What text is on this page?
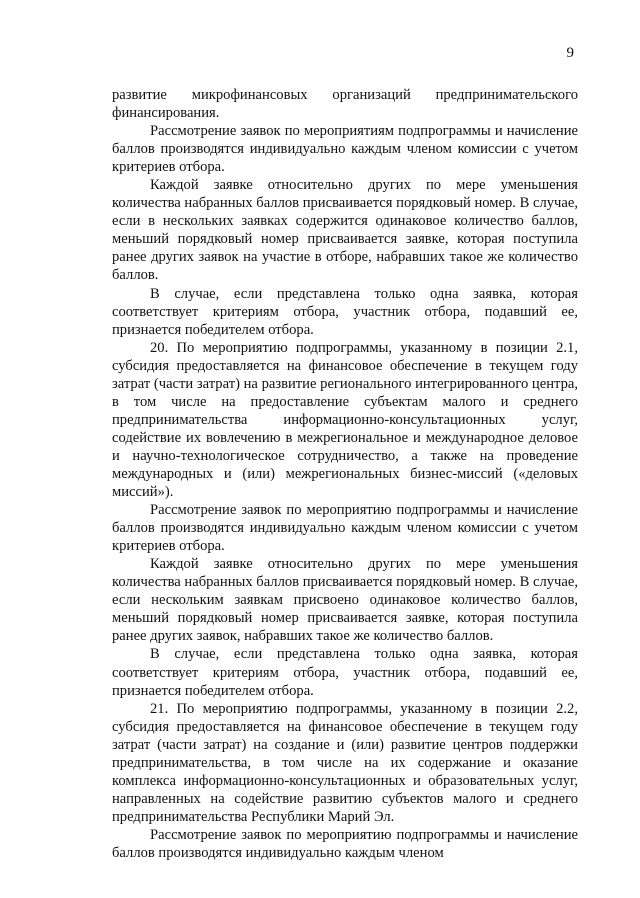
9

развитие микрофинансовых организаций предпринимательского финансирования.

Рассмотрение заявок по мероприятиям подпрограммы и начисление баллов производятся индивидуально каждым членом комиссии с учетом критериев отбора.

Каждой заявке относительно других по мере уменьшения количества набранных баллов присваивается порядковый номер. В случае, если в нескольких заявках содержится одинаковое количество баллов, меньший порядковый номер присваивается заявке, которая поступила ранее других заявок на участие в отборе, набравших такое же количество баллов.

В случае, если представлена только одна заявка, которая соответствует критериям отбора, участник отбора, подавший ее, признается победителем отбора.

20. По мероприятию подпрограммы, указанному в позиции 2.1, субсидия предоставляется на финансовое обеспечение в текущем году затрат (части затрат) на развитие регионального интегрированного центра, в том числе на предоставление субъектам малого и среднего предпринимательства информационно-консультационных услуг, содействие их вовлечению в межрегиональное и международное деловое и научно-технологическое сотрудничество, а также на проведение международных и (или) межрегиональных бизнес-миссий («деловых миссий»).

Рассмотрение заявок по мероприятию подпрограммы и начисление баллов производятся индивидуально каждым членом комиссии с учетом критериев отбора.

Каждой заявке относительно других по мере уменьшения количества набранных баллов присваивается порядковый номер. В случае, если нескольким заявкам присвоено одинаковое количество баллов, меньший порядковый номер присваивается заявке, которая поступила ранее других заявок, набравших такое же количество баллов.

В случае, если представлена только одна заявка, которая соответствует критериям отбора, участник отбора, подавший ее, признается победителем отбора.

21. По мероприятию подпрограммы, указанному в позиции 2.2, субсидия предоставляется на финансовое обеспечение в текущем году затрат (части затрат) на создание и (или) развитие центров поддержки предпринимательства, в том числе на их содержание и оказание комплекса информационно-консультационных и образовательных услуг, направленных на содействие развитию субъектов малого и среднего предпринимательства Республики Марий Эл.

Рассмотрение заявок по мероприятию подпрограммы и начисление баллов производятся индивидуально каждым членом
